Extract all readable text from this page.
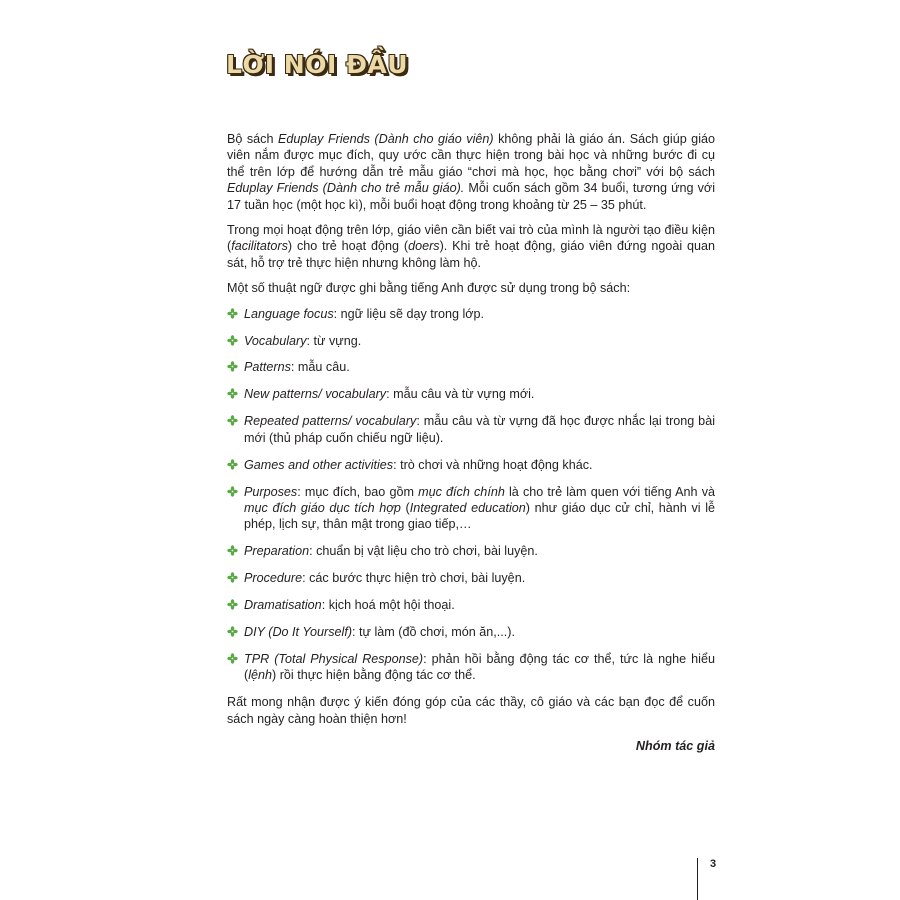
LỜI NÓI ĐẦU

Bộ sách Eduplay Friends (Dành cho giáo viên) không phải là giáo án. Sách giúp giáo viên nắm được mục đích, quy ước cần thực hiện trong bài học và những bước đi cụ thể trên lớp để hướng dẫn trẻ mẫu giáo “chơi mà học, học bằng chơi” với bộ sách Eduplay Friends (Dành cho trẻ mẫu giáo). Mỗi cuốn sách gồm 34 buổi, tương ứng với 17 tuần học (một học kì), mỗi buổi hoạt động trong khoảng từ 25 – 35 phút.

Trong mọi hoạt động trên lớp, giáo viên cần biết vai trò của mình là người tạo điều kiện (facilitators) cho trẻ hoạt động (doers). Khi trẻ hoạt động, giáo viên đứng ngoài quan sát, hỗ trợ trẻ thực hiện nhưng không làm hộ.

Một số thuật ngữ được ghi bằng tiếng Anh được sử dụng trong bộ sách:

Language focus: ngữ liệu sẽ dạy trong lớp.
Vocabulary: từ vựng.
Patterns: mẫu câu.
New patterns/ vocabulary: mẫu câu và từ vựng mới.
Repeated patterns/ vocabulary: mẫu câu và từ vựng đã học được nhắc lại trong bài mới (thủ pháp cuốn chiếu ngữ liệu).
Games and other activities: trò chơi và những hoạt động khác.
Purposes: mục đích, bao gồm mục đích chính là cho trẻ làm quen với tiếng Anh và mục đích giáo dục tích hợp (Integrated education) như giáo dục cử chỉ, hành vi lễ phép, lịch sự, thân mật trong giao tiếp,…
Preparation: chuẩn bị vật liệu cho trò chơi, bài luyện.
Procedure: các bước thực hiện trò chơi, bài luyện.
Dramatisation: kịch hoá một hội thoại.
DIY (Do It Yourself): tự làm (đồ chơi, món ăn,...).
TPR (Total Physical Response): phản hồi bằng động tác cơ thể, tức là nghe hiểu (lệnh) rồi thực hiện bằng động tác cơ thể.

Rất mong nhận được ý kiến đóng góp của các thầy, cô giáo và các bạn đọc để cuốn sách ngày càng hoàn thiện hơn!

Nhóm tác giả
3
